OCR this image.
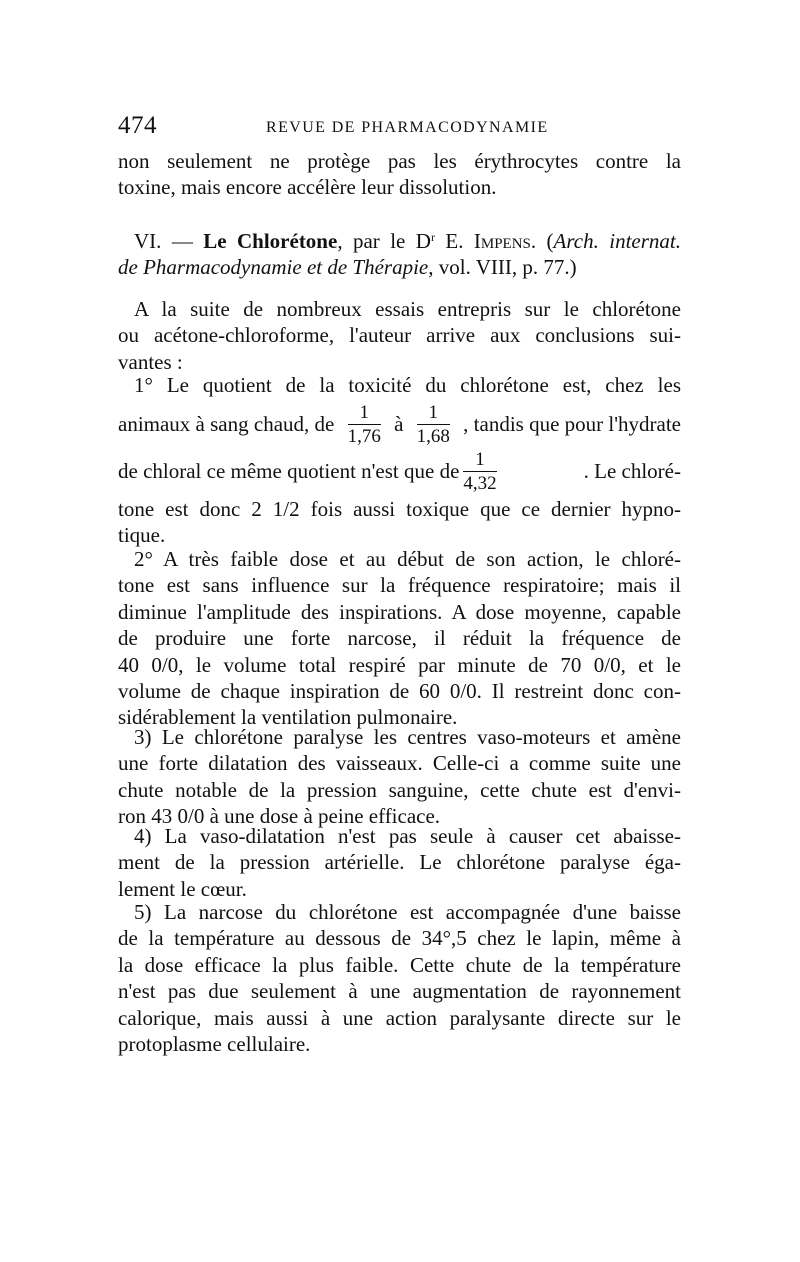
474	REVUE DE PHARMACODYNAMIE
non seulement ne protège pas les érythrocytes contre la
toxine, mais encore accélère leur dissolution.
VI. — Le Chlorétone, par le $D^r$ E. Impens. (Arch. internat.
de Pharmacodynamie et de Thérapie, vol. VIII, p. 77.)
A la suite de nombreux essais entrepris sur le chlorétone
ou acétone-chloroforme, l'auteur arrive aux conclusions sui-
vantes :
1° Le quotient de la toxicité du chlorétone est, chez les
animaux à sang chaud, de $\frac{1}{1,76}$ à $\frac{1}{1,68}$ , tandis que pour l'hydrate
de chloral ce même quotient n'est que de $\frac{1}{4,32}$	. Le chloré-
tone est donc 2 1/2 fois aussi toxique que ce dernier hypno-
tique.
2° A très faible dose et au début de son action, le chloré-
tone est sans influence sur la fréquence respiratoire; mais il
diminue l'amplitude des inspirations. A dose moyenne, capable
de produire une forte narcose, il réduit la fréquence de
40 0/0, le volume total respiré par minute de 70 0/0, et le
volume de chaque inspiration de 60 0/0. Il restreint donc con-
sidérablement la ventilation pulmonaire.
3) Le chlorétone paralyse les centres vaso-moteurs et amène
une forte dilatation des vaisseaux. Celle-ci a comme suite une
chute notable de la pression sanguine, cette chute est d'envi-
ron 43 0/0 à une dose à peine efficace.
4) La vaso-dilatation n'est pas seule à causer cet abaisse-
ment de la pression artérielle. Le chlorétone paralyse éga-
lement le cœur.
5) La narcose du chlorétone est accompagnée d'une baisse
de la température au dessous de 34°,5 chez le lapin, même à
la dose efficace la plus faible. Cette chute de la température
n'est pas due seulement à une augmentation de rayonnement
calorique, mais aussi à une action paralysante directe sur le
protoplasme cellulaire.
